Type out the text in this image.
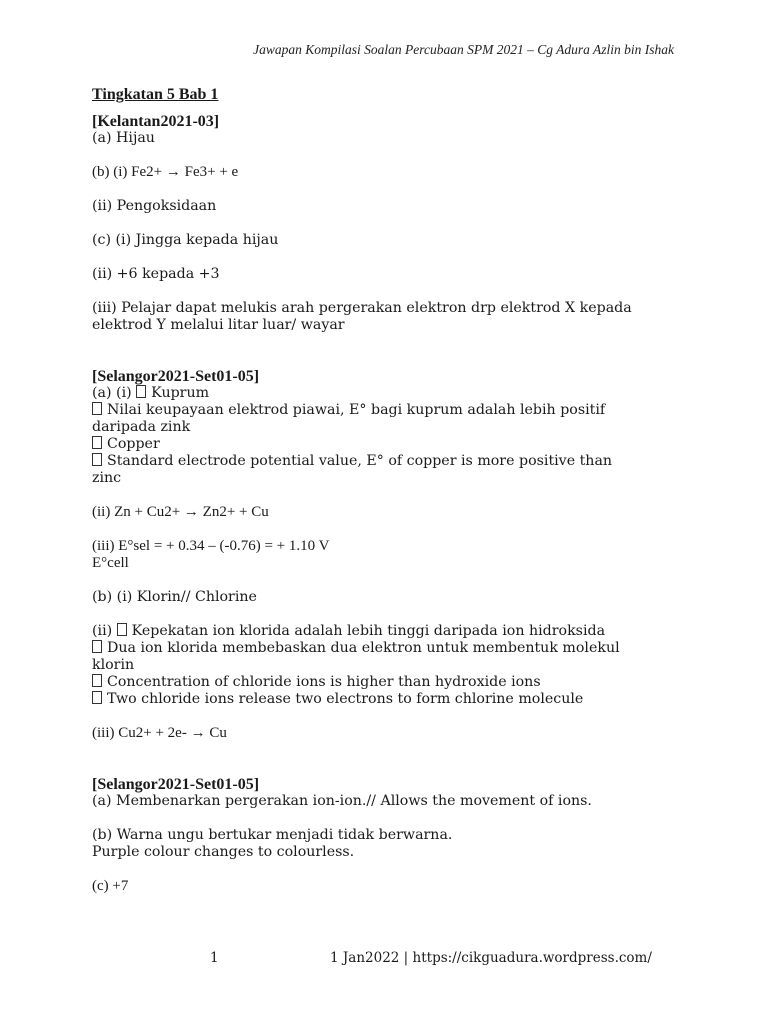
Jawapan Kompilasi Soalan Percubaan SPM 2021 – Cg Adura Azlin bin Ishak
Tingkatan 5 Bab 1
[Kelantan2021-03]
(a) Hijau
(b) (i) Fe2+ → Fe3+ + e
(ii) Pengoksidaan
(c) (i) Jingga kepada hijau
(ii) +6 kepada +3
(iii) Pelajar dapat melukis arah pergerakan elektron drp elektrod X kepada
elektrod Y melalui litar luar/ wayar
[Selangor2021-Set01-05]
(a) (i) Kuprum
Nilai keupayaan elektrod piawai, E° bagi kuprum adalah lebih positif
daripada zink
Copper
Standard electrode potential value, E° of copper is more positive than
zinc
(ii) Zn + Cu2+ → Zn2+ + Cu
(iii) E°sel = + 0.34 – (-0.76) = + 1.10 V
E°cell
(b) (i) Klorin// Chlorine
(ii) Kepekatan ion klorida adalah lebih tinggi daripada ion hidroksida
Dua ion klorida membebaskan dua elektron untuk membentuk molekul
klorin
Concentration of chloride ions is higher than hydroxide ions
Two chloride ions release two electrons to form chlorine molecule
(iii) Cu2+ + 2e- → Cu
[Selangor2021-Set01-05]
(a) Membenarkan pergerakan ion-ion.// Allows the movement of ions.
(b) Warna ungu bertukar menjadi tidak berwarna.
Purple colour changes to colourless.
(c) +7
1	1 Jan2022 | https://cikguadura.wordpress.com/
